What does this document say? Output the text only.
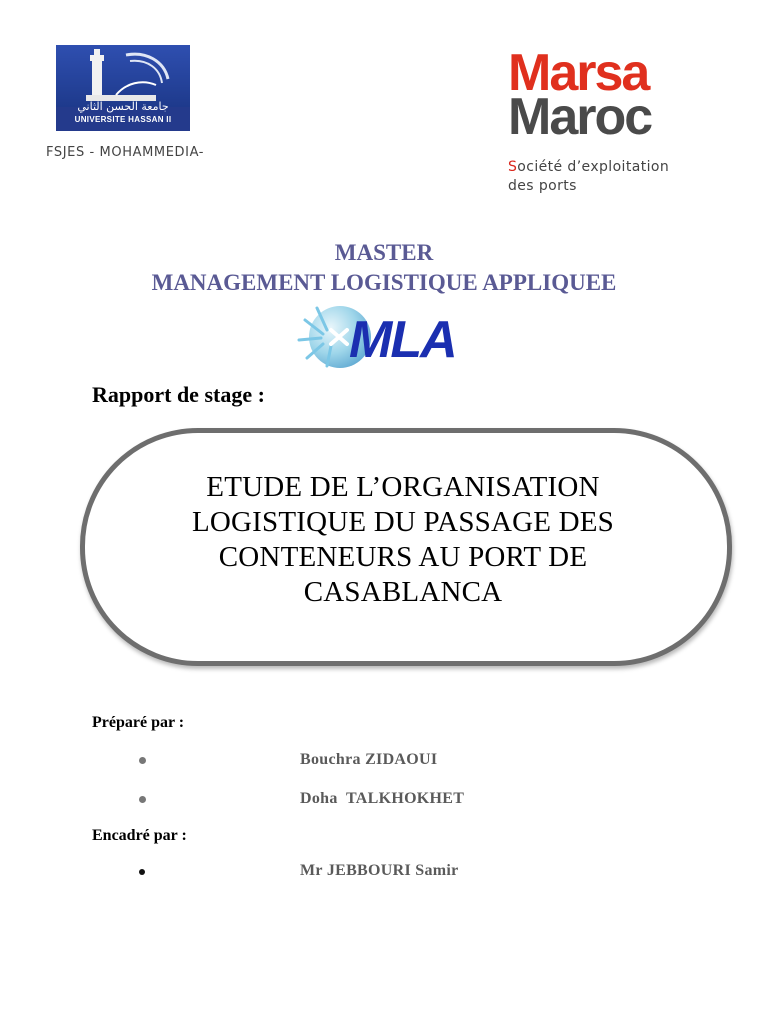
جامعة الحسن الثاني
UNIVERSITE HASSAN II
FSJES - MOHAMMEDIA-
Marsa
Maroc
Société d’exploitation
des ports
MASTER
MANAGEMENT LOGISTIQUE APPLIQUEE
MLA
Rapport de stage :
ETUDE DE L’ORGANISATION
LOGISTIQUE DU PASSAGE DES
CONTENEURS AU PORT DE
CASABLANCA
Préparé par :
Bouchra ZIDAOUI
Doha  TALKHOKHET
Encadré par :
Mr JEBBOURI Samir
